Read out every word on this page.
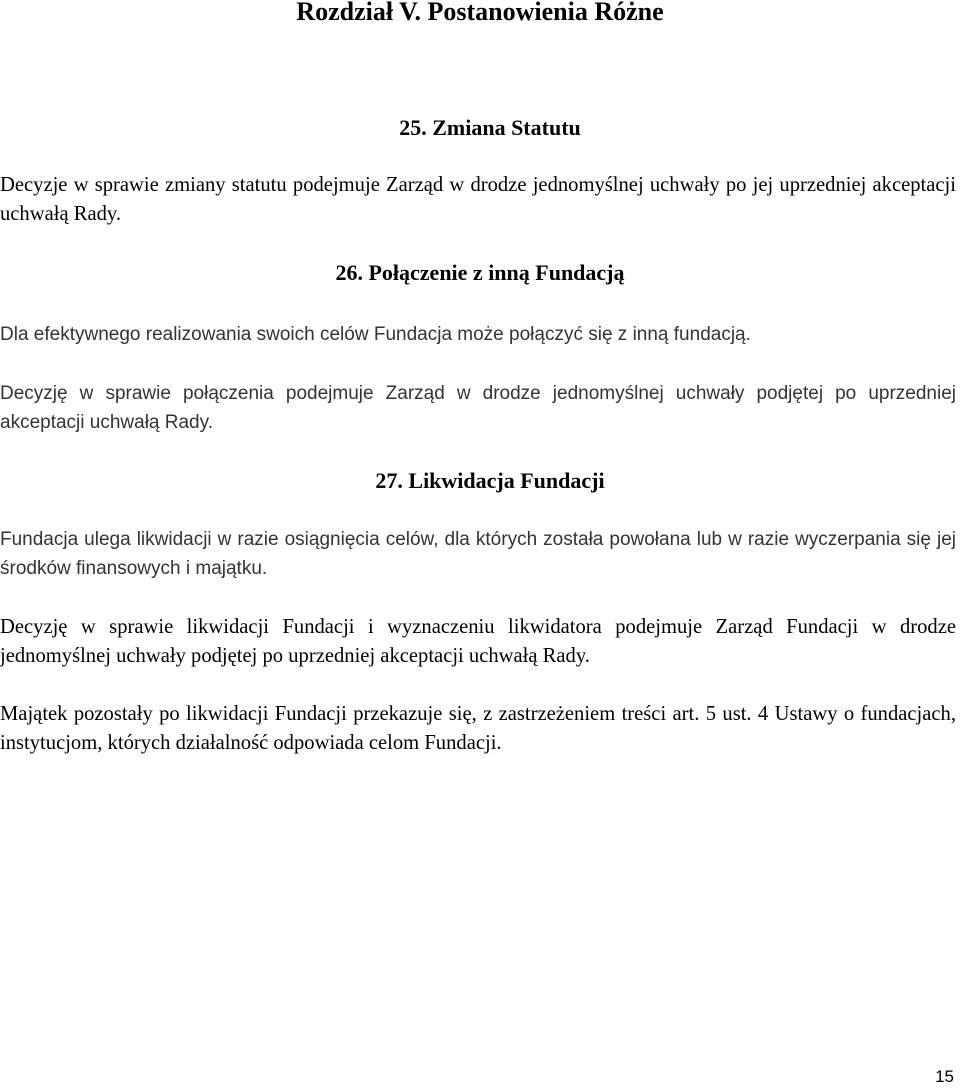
Rozdział V. Postanowienia Różne
25. Zmiana Statutu
Decyzje w sprawie zmiany statutu podejmuje Zarząd w drodze jednomyślnej uchwały po jej uprzedniej akceptacji uchwałą Rady.
26. Połączenie z inną Fundacją
Dla efektywnego realizowania swoich celów Fundacja może połączyć się z inną fundacją.
Decyzję w sprawie połączenia podejmuje Zarząd w drodze jednomyślnej uchwały podjętej po uprzedniej akceptacji uchwałą Rady.
27. Likwidacja Fundacji
Fundacja ulega likwidacji w razie osiągnięcia celów, dla których została powołana lub w razie wyczerpania się jej środków finansowych i majątku.
Decyzję w sprawie likwidacji Fundacji i wyznaczeniu likwidatora podejmuje Zarząd Fundacji w drodze jednomyślnej uchwały podjętej po uprzedniej akceptacji uchwałą Rady.
Majątek pozostały po likwidacji Fundacji przekazuje się, z zastrzeżeniem treści art. 5 ust. 4 Ustawy o fundacjach, instytucjom, których działalność odpowiada celom Fundacji.
15
